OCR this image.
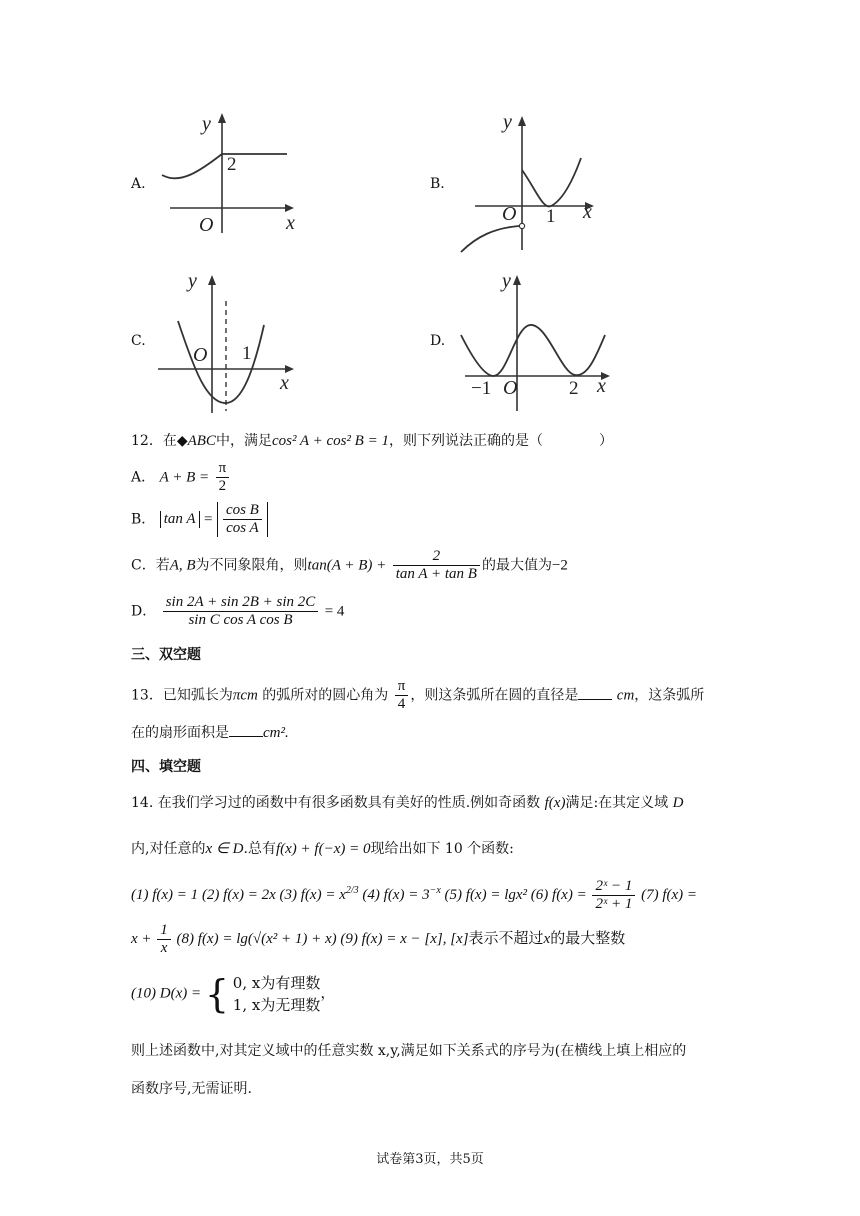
A.
y
x
O
2
B.
y
x
O 1
C.
y
x
O 1
D.
y
x
O
−1	2
12．在◆ABC中，满足cos² A + cos² B = 1，则下列说法正确的是（　　　　）
A． $A + B = \frac{\pi}{2}$
B． $\tan A = \frac{\text{cos B}}{\text{cos A}}$
C．若A, B为不同象限角，则$\tan(A + B) + \frac{2}{\text{tan A + tan B}}$ 的最大值为−2
D． $\frac{\sin 2A + \sin 2B + \sin 2C}{\text{sin C cos A cos B}} = 4$
三、双空题
13．已知弧长为πcm 的弧所对的圆心角为 $\frac{\pi}{4}$ ，则这条弧所在圆的直径是	cm，这条弧所
在的扇形面积是 cm².
四、填空题
14. 在我们学习过的函数中有很多函数具有美好的性质.例如奇函数 f(x)满足:在其定义域 D
内,对任意的x ∈ D.总有f(x) + f(−x) = 0现给出如下 10 个函数:
(1) f(x) = 1 (2) f(x) = 2x (3) $f(x) = x^{2/3}$ (4) $f(x) = 3^{-x}$ (5) f(x) = lgx² (6) $f(x) = \frac{\text{2ˣ − 1}}{\text{2ˣ + 1}} (7) f(x)$ =
$x + \frac{1}{x} (8) f(x) = \lg(√(x^2 + 1) + x)$ (9) f(x) = x − [x], [x]表示不超过x的最大整数
(10) D(x) = { 0, x为有理数
1, x为无理数
，
则上述函数中,对其定义域中的任意实数 x,y,满足如下关系式的序号为(在横线上填上相应的
函数序号,无需证明.
试卷第3页，共5页
